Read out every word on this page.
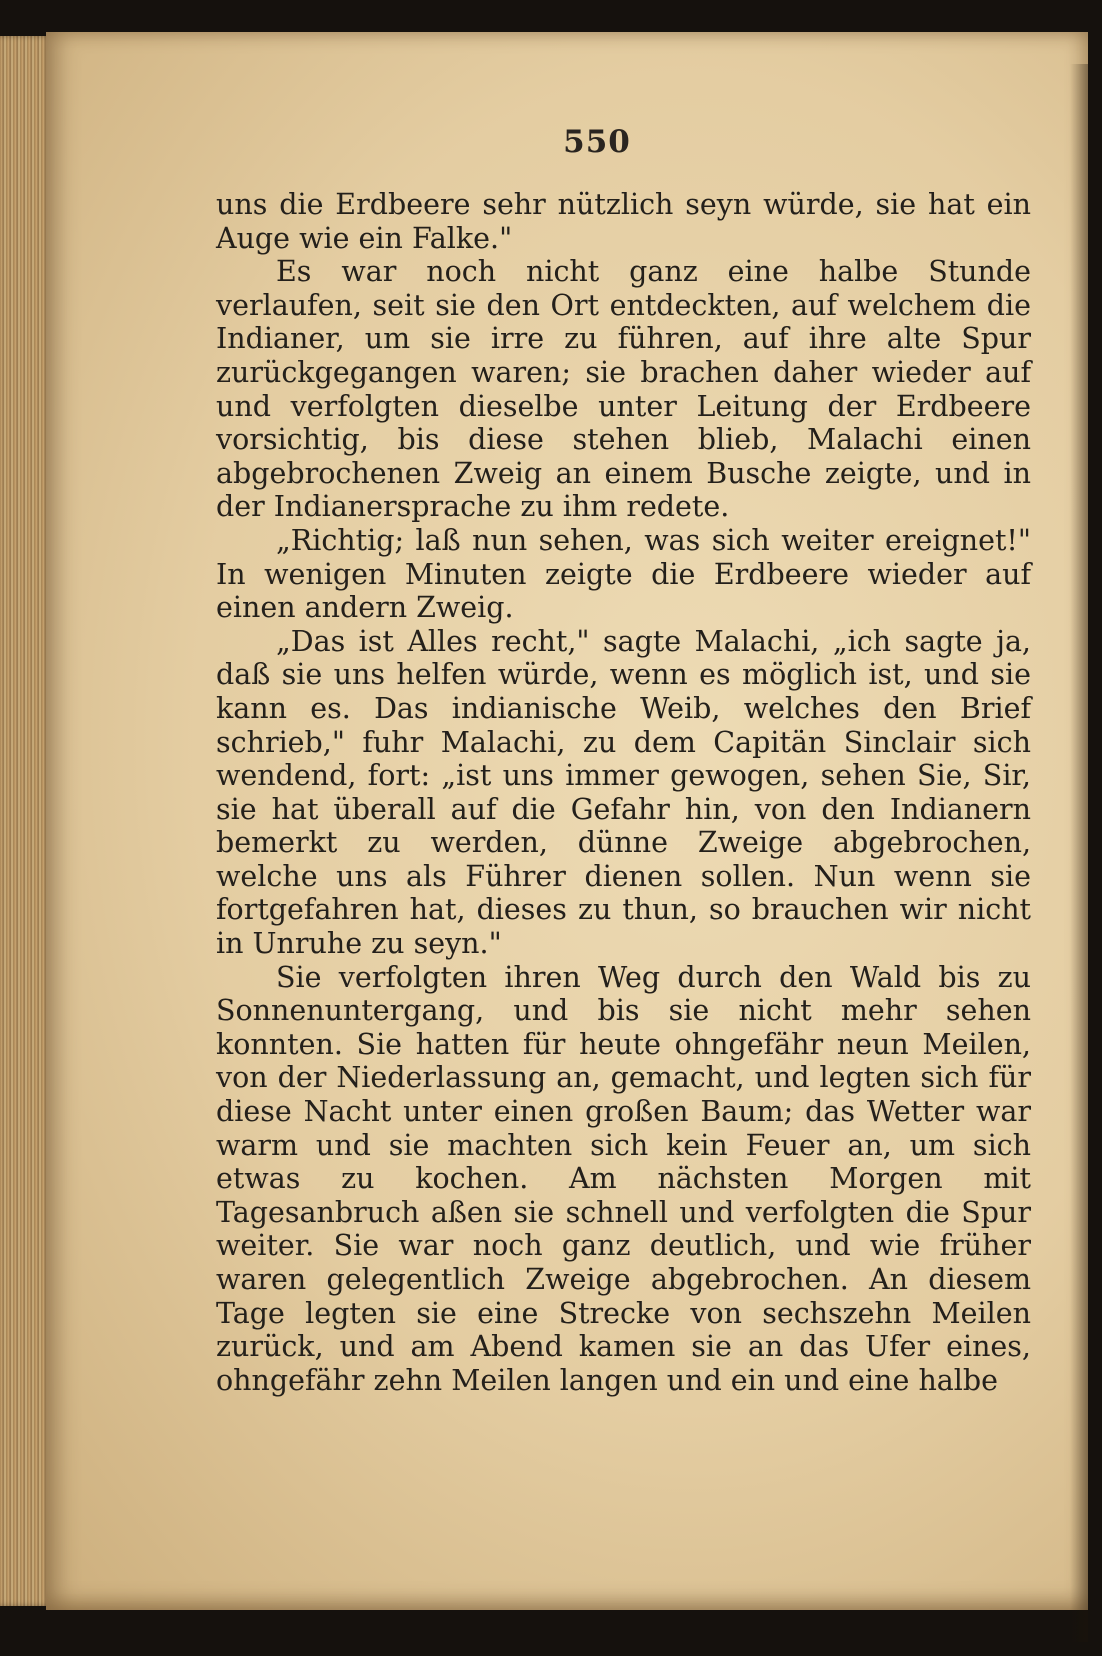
550

uns die Erdbeere sehr nützlich seyn würde, sie hat ein Auge wie ein Falke."

Es war noch nicht ganz eine halbe Stunde verlaufen, seit sie den Ort entdeckten, auf welchem die Indianer, um sie irre zu führen, auf ihre alte Spur zurückgegangen waren; sie brachen daher wieder auf und verfolgten dieselbe unter Leitung der Erdbeere vorsichtig, bis diese stehen blieb, Malachi einen abgebrochenen Zweig an einem Busche zeigte, und in der Indianersprache zu ihm redete.

„Richtig; laß nun sehen, was sich weiter ereignet!" In wenigen Minuten zeigte die Erdbeere wieder auf einen andern Zweig.

„Das ist Alles recht," sagte Malachi, „ich sagte ja, daß sie uns helfen würde, wenn es möglich ist, und sie kann es. Das indianische Weib, welches den Brief schrieb," fuhr Malachi, zu dem Capitän Sinclair sich wendend, fort: „ist uns immer gewogen, sehen Sie, Sir, sie hat überall auf die Gefahr hin, von den Indianern bemerkt zu werden, dünne Zweige abgebrochen, welche uns als Führer dienen sollen. Nun wenn sie fortgefahren hat, dieses zu thun, so brauchen wir nicht in Unruhe zu seyn."

Sie verfolgten ihren Weg durch den Wald bis zu Sonnenuntergang, und bis sie nicht mehr sehen konnten. Sie hatten für heute ohngefähr neun Meilen, von der Niederlassung an, gemacht, und legten sich für diese Nacht unter einen großen Baum; das Wetter war warm und sie machten sich kein Feuer an, um sich etwas zu kochen. Am nächsten Morgen mit Tagesanbruch aßen sie schnell und verfolgten die Spur weiter. Sie war noch ganz deutlich, und wie früher waren gelegentlich Zweige abgebrochen. An diesem Tage legten sie eine Strecke von sechszehn Meilen zurück, und am Abend kamen sie an das Ufer eines, ohngefähr zehn Meilen langen und ein und eine halbe
